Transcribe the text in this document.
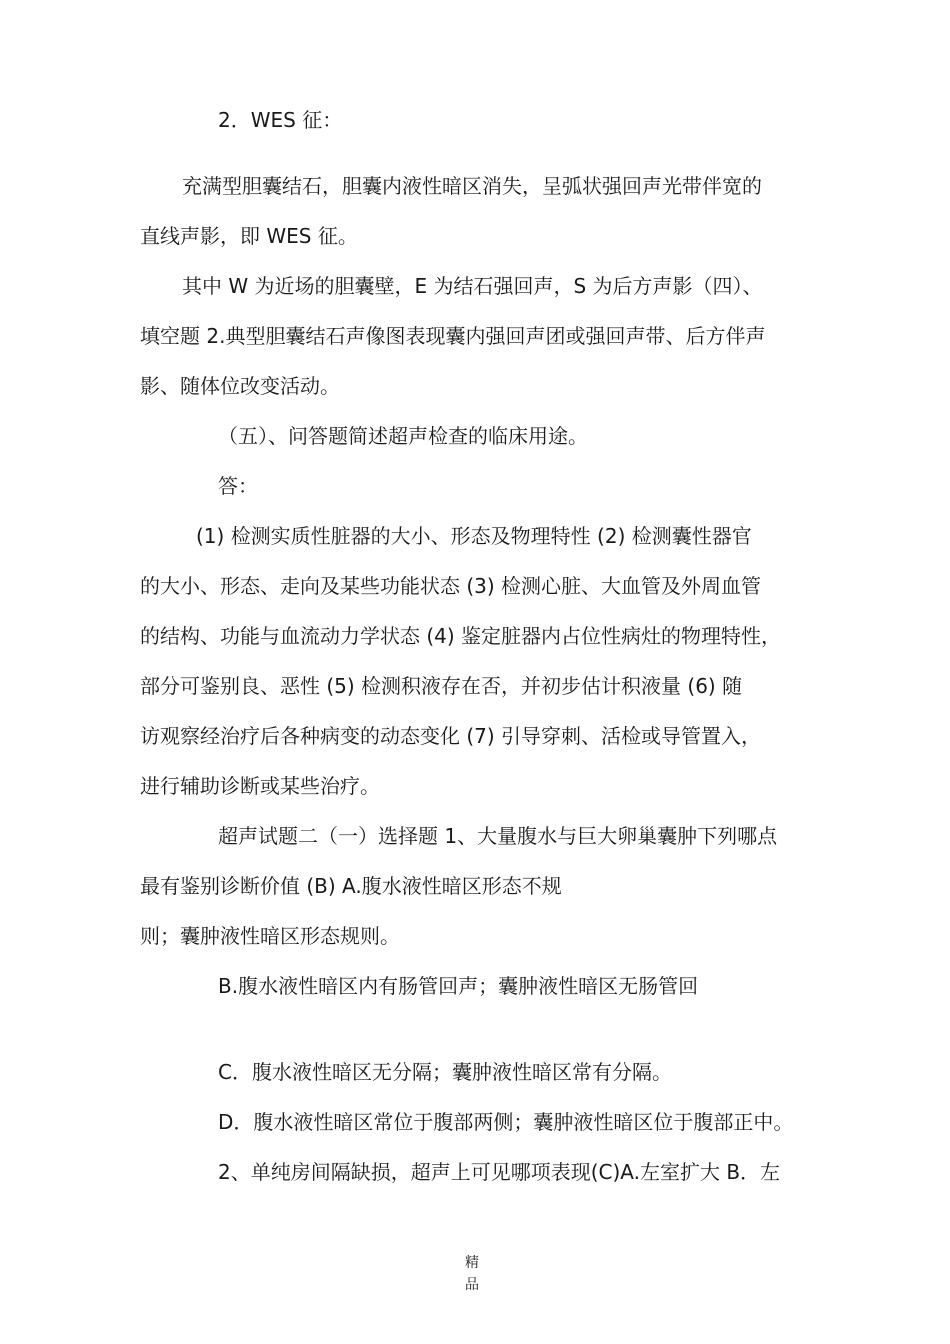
2．WES 征：
充满型胆囊结石，胆囊内液性暗区消失，呈弧状强回声光带伴宽的
直线声影，即 WES 征。
其中 W 为近场的胆囊壁，E 为结石强回声，S 为后方声影（四）、
填空题 2.典型胆囊结石声像图表现囊内强回声团或强回声带、后方伴声
影、随体位改变活动。
（五）、问答题简述超声检查的临床用途。
答：
(1) 检测实质性脏器的大小、形态及物理特性 (2) 检测囊性器官
的大小、形态、走向及某些功能状态 (3) 检测心脏、大血管及外周血管
的结构、功能与血流动力学状态 (4) 鉴定脏器内占位性病灶的物理特性，
部分可鉴别良、恶性 (5) 检测积液存在否，并初步估计积液量 (6) 随
访观察经治疗后各种病变的动态变化 (7) 引导穿刺、活检或导管置入，
进行辅助诊断或某些治疗。
超声试题二（一）选择题 1、大量腹水与巨大卵巢囊肿下列哪点
最有鉴别诊断价值 (B) A.腹水液性暗区形态不规
则；囊肿液性暗区形态规则。
B.腹水液性暗区内有肠管回声；囊肿液性暗区无肠管回
C．腹水液性暗区无分隔；囊肿液性暗区常有分隔。
D．腹水液性暗区常位于腹部两侧；囊肿液性暗区位于腹部正中。
2、单纯房间隔缺损，超声上可见哪项表现(C)A.左室扩大 B．左
精品
